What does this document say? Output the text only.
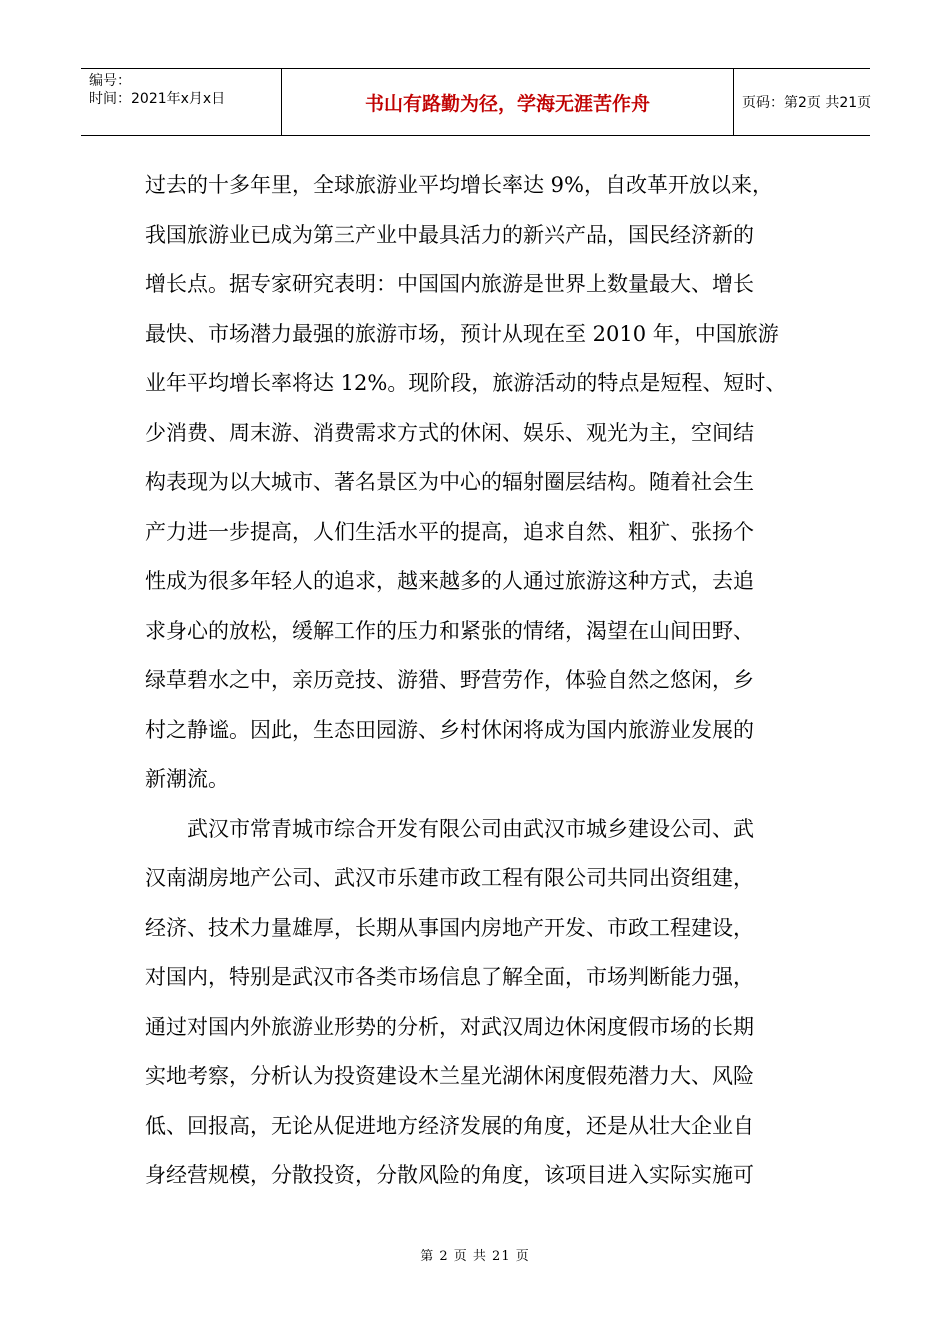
编号：
时间：2021年x月x日	书山有路勤为径，学海无涯苦作舟	页码：第2页 共21页
过去的十多年里，全球旅游业平均增长率达 9%，自改革开放以来，
我国旅游业已成为第三产业中最具活力的新兴产品，国民经济新的
增长点。据专家研究表明：中国国内旅游是世界上数量最大、增长
最快、市场潜力最强的旅游市场，预计从现在至 2010 年，中国旅游
业年平均增长率将达 12%。现阶段，旅游活动的特点是短程、短时、
少消费、周末游、消费需求方式的休闲、娱乐、观光为主，空间结
构表现为以大城市、著名景区为中心的辐射圈层结构。随着社会生
产力进一步提高，人们生活水平的提高，追求自然、粗犷、张扬个
性成为很多年轻人的追求，越来越多的人通过旅游这种方式，去追
求身心的放松，缓解工作的压力和紧张的情绪，渴望在山间田野、
绿草碧水之中，亲历竞技、游猎、野营劳作，体验自然之悠闲，乡
村之静谧。因此，生态田园游、乡村休闲将成为国内旅游业发展的
新潮流。
　　武汉市常青城市综合开发有限公司由武汉市城乡建设公司、武
汉南湖房地产公司、武汉市乐建市政工程有限公司共同出资组建，
经济、技术力量雄厚，长期从事国内房地产开发、市政工程建设，
对国内，特别是武汉市各类市场信息了解全面，市场判断能力强，
通过对国内外旅游业形势的分析，对武汉周边休闲度假市场的长期
实地考察，分析认为投资建设木兰星光湖休闲度假苑潜力大、风险
低、回报高，无论从促进地方经济发展的角度，还是从壮大企业自
身经营规模，分散投资，分散风险的角度，该项目进入实际实施可
第 2 页 共 21 页
